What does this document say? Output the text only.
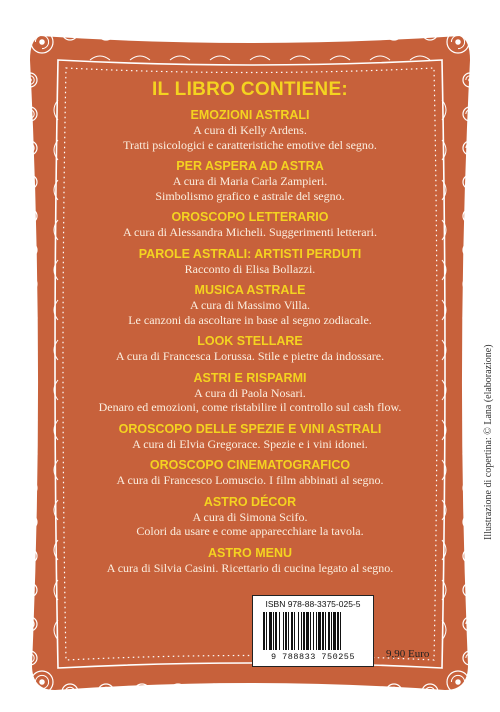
IL LIBRO CONTIENE:
EMOZIONI ASTRALI
A cura di Kelly Ardens.
Tratti psicologici e caratteristiche emotive del segno.
PER ASPERA AD ASTRA
A cura di Maria Carla Zampieri.
Simbolismo grafico e astrale del segno.
OROSCOPO LETTERARIO
A cura di Alessandra Micheli. Suggerimenti letterari.
PAROLE ASTRALI: ARTISTI PERDUTI
Racconto di Elisa Bollazzi.
MUSICA ASTRALE
A cura di Massimo Villa.
Le canzoni da ascoltare in base al segno zodiacale.
LOOK STELLARE
A cura di Francesca Lorussa. Stile e pietre da indossare.
ASTRI E RISPARMI
A cura di Paola Nosari.
Denaro ed emozioni, come ristabilire il controllo sul cash flow.
OROSCOPO DELLE SPEZIE E VINI ASTRALI
A cura di Elvia Gregorace. Spezie e i vini idonei.
OROSCOPO CINEMATOGRAFICO
A cura di Francesco Lomuscio. I film abbinati al segno.
ASTRO DÉCOR
A cura di Simona Scifo.
Colori da usare e come apparecchiare la tavola.
ASTRO MENU
A cura di Silvia Casini. Ricettario di cucina legato al segno.
ISBN 978-88-3375-025-5
9 788833 750255	9,90 Euro
Illustrazione di copertina: © Lana (elaborazione)
